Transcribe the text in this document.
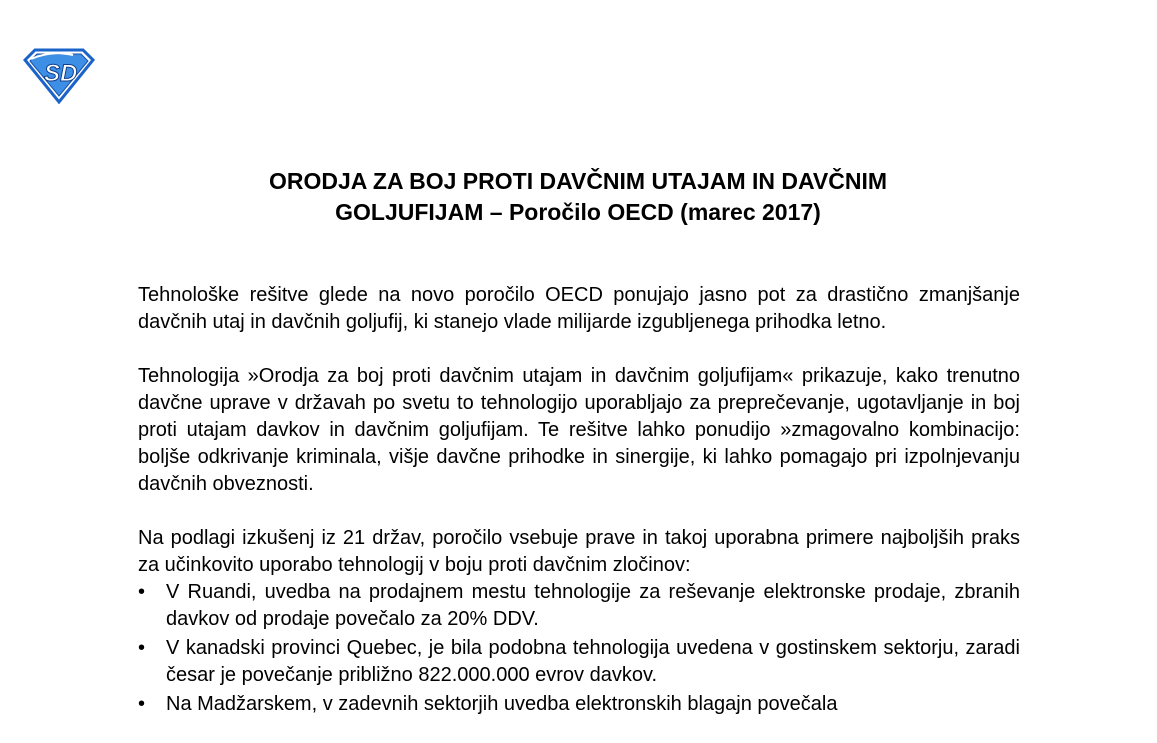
SD
ORODJA ZA BOJ PROTI DAVČNIM UTAJAM IN DAVČNIM
GOLJUFIJAM – Poročilo OECD (marec 2017)

Tehnološke rešitve glede na novo poročilo OECD ponujajo jasno pot za drastično zmanjšanje davčnih utaj in davčnih goljufij, ki stanejo vlade milijarde izgubljenega prihodka letno.

Tehnologija »Orodja za boj proti davčnim utajam in davčnim goljufijam« prikazuje, kako trenutno davčne uprave v državah po svetu to tehnologijo uporabljajo za preprečevanje, ugotavljanje in boj proti utajam davkov in davčnim goljufijam. Te rešitve lahko ponudijo »zmagovalno kombinacijo: boljše odkrivanje kriminala, višje davčne prihodke in sinergije, ki lahko pomagajo pri izpolnjevanju davčnih obveznosti.

Na podlagi izkušenj iz 21 držav, poročilo vsebuje prave in takoj uporabna primere najboljših praks za učinkovito uporabo tehnologij v boju proti davčnim zločinov:

•	V Ruandi, uvedba na prodajnem mestu tehnologije za reševanje elektronske prodaje, zbranih davkov od prodaje povečalo za 20% DDV.
•	V kanadski provinci Quebec, je bila podobna tehnologija uvedena v gostinskem sektorju, zaradi česar je povečanje približno 822.000.000 evrov davkov.
•	Na Madžarskem, v zadevnih sektorjih uvedba elektronskih blagajn povečala
